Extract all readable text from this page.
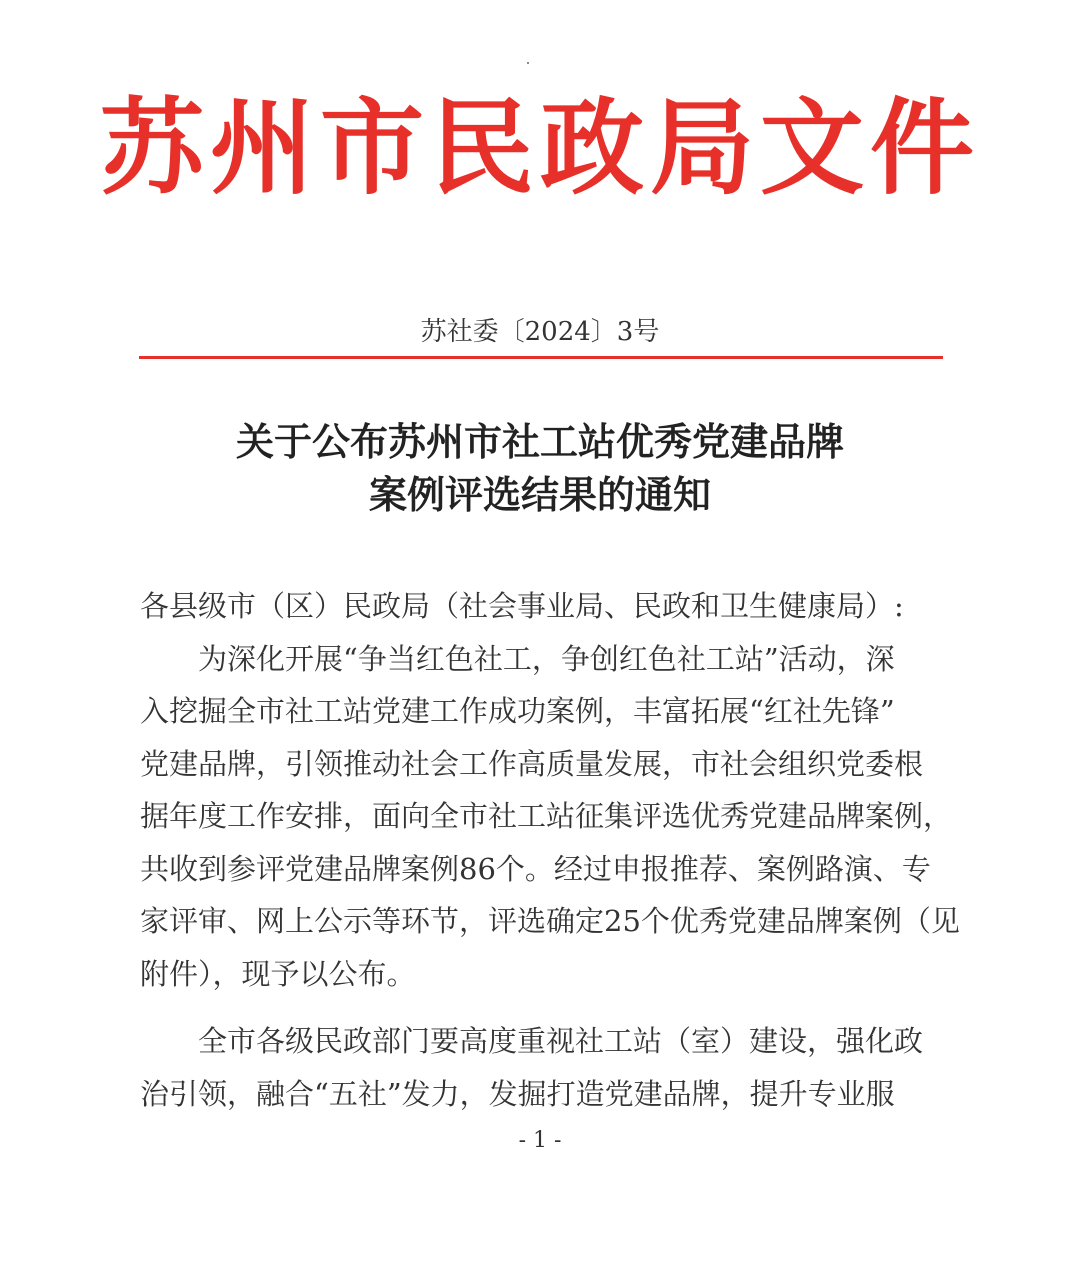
苏州市民政局文件
苏社委〔2024〕3号
关于公布苏州市社工站优秀党建品牌
案例评选结果的通知
各县级市（区）民政局（社会事业局、民政和卫生健康局）:
　　为深化开展“争当红色社工，争创红色社工站”活动，深
入挖掘全市社工站党建工作成功案例，丰富拓展“红社先锋”
党建品牌，引领推动社会工作高质量发展，市社会组织党委根
据年度工作安排，面向全市社工站征集评选优秀党建品牌案例，
共收到参评党建品牌案例86个。经过申报推荐、案例路演、专
家评审、网上公示等环节，评选确定25个优秀党建品牌案例（见
附件），现予以公布。
　　全市各级民政部门要高度重视社工站（室）建设，强化政
治引领，融合“五社”发力，发掘打造党建品牌，提升专业服
- 1 -
